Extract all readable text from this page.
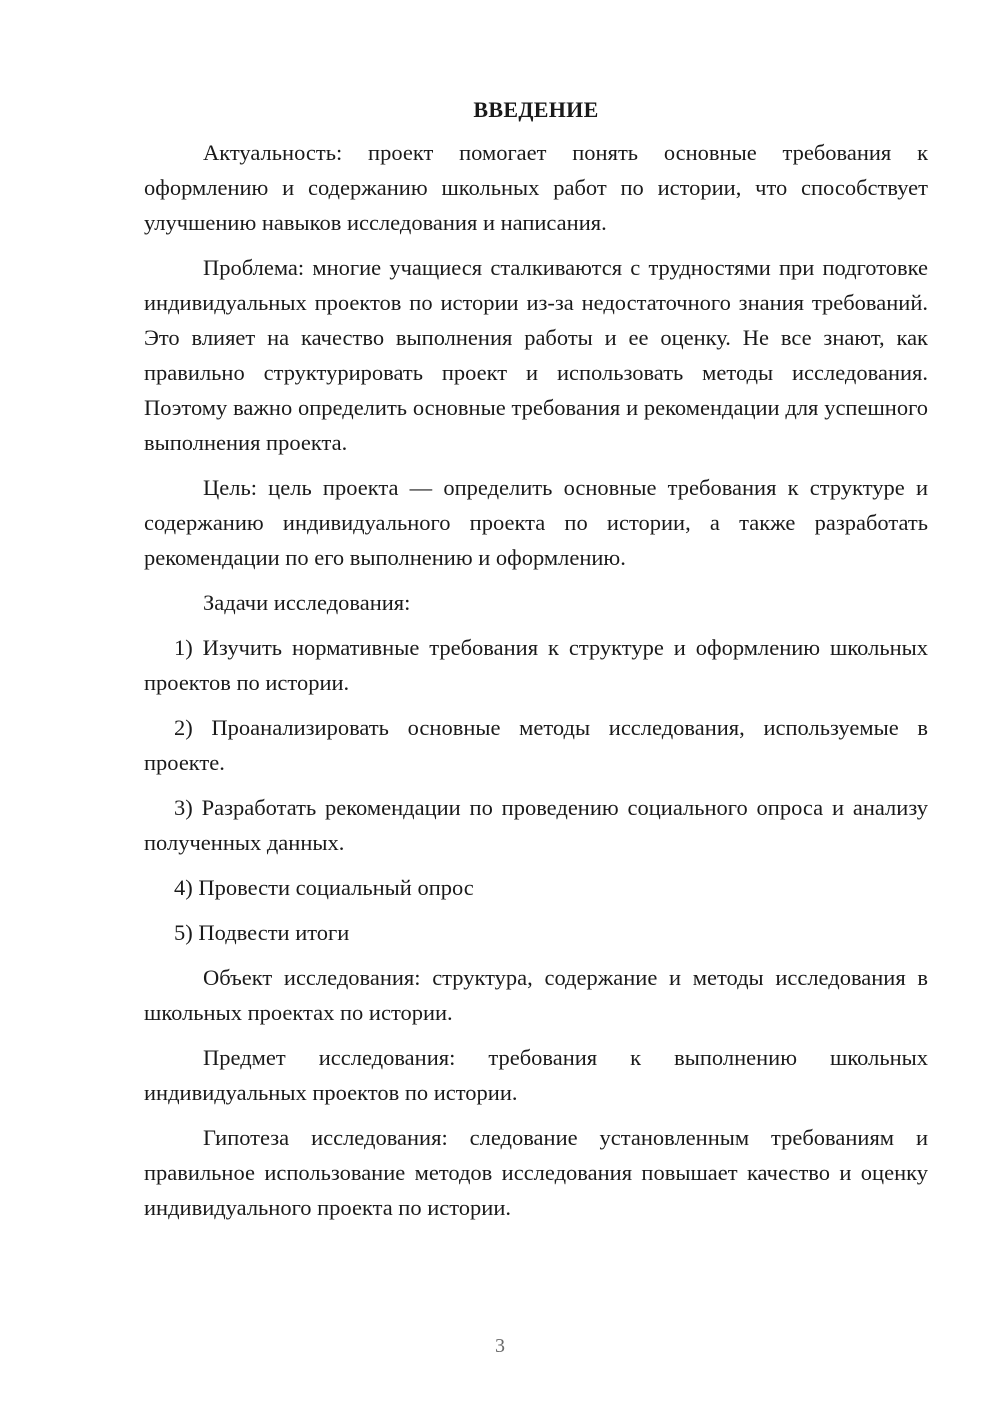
ВВЕДЕНИЕ

Актуальность: проект помогает понять основные требования к оформлению и содержанию школьных работ по истории, что способствует улучшению навыков исследования и написания.

Проблема: многие учащиеся сталкиваются с трудностями при подготовке индивидуальных проектов по истории из-за недостаточного знания требований. Это влияет на качество выполнения работы и ее оценку. Не все знают, как правильно структурировать проект и использовать методы исследования. Поэтому важно определить основные требования и рекомендации для успешного выполнения проекта.

Цель: цель проекта — определить основные требования к структуре и содержанию индивидуального проекта по истории, а также разработать рекомендации по его выполнению и оформлению.

Задачи исследования:

1) Изучить нормативные требования к структуре и оформлению школьных проектов по истории.

2) Проанализировать основные методы исследования, используемые в проекте.

3) Разработать рекомендации по проведению социального опроса и анализу полученных данных.

4) Провести социальный опрос

5) Подвести итоги

Объект исследования: структура, содержание и методы исследования в школьных проектах по истории.

Предмет исследования: требования к выполнению школьных индивидуальных проектов по истории.

Гипотеза исследования: следование установленным требованиям и правильное использование методов исследования повышает качество и оценку индивидуального проекта по истории.

3
